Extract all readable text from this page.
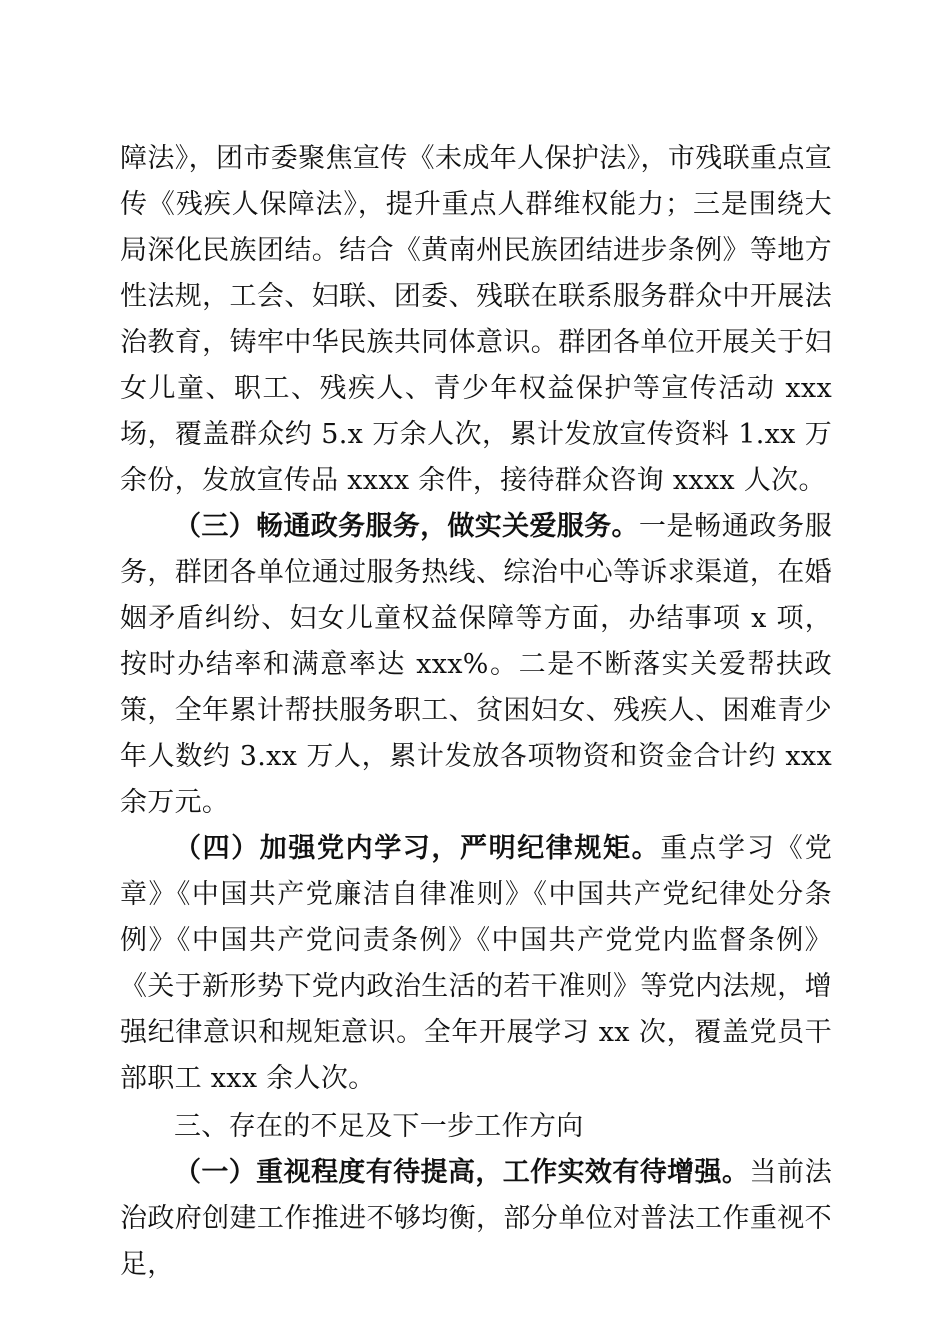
障法》，团市委聚焦宣传《未成年人保护法》，市残联重点宣传《残疾人保障法》，提升重点人群维权能力；三是围绕大局深化民族团结。结合《黄南州民族团结进步条例》等地方性法规，工会、妇联、团委、残联在联系服务群众中开展法治教育，铸牢中华民族共同体意识。群团各单位开展关于妇女儿童、职工、残疾人、青少年权益保护等宣传活动 xxx 场，覆盖群众约 5.x 万余人次，累计发放宣传资料 1.xx 万余份，发放宣传品 xxxx 余件，接待群众咨询 xxxx 人次。

（三）畅通政务服务，做实关爱服务。一是畅通政务服务，群团各单位通过服务热线、综治中心等诉求渠道，在婚姻矛盾纠纷、妇女儿童权益保障等方面，办结事项 x 项，按时办结率和满意率达 xxx%。二是不断落实关爱帮扶政策，全年累计帮扶服务职工、贫困妇女、残疾人、困难青少年人数约 3.xx 万人，累计发放各项物资和资金合计约 xxx 余万元。

（四）加强党内学习，严明纪律规矩。重点学习《党章》《中国共产党廉洁自律准则》《中国共产党纪律处分条例》《中国共产党问责条例》《中国共产党党内监督条例》《关于新形势下党内政治生活的若干准则》等党内法规，增强纪律意识和规矩意识。全年开展学习 xx 次，覆盖党员干部职工 xxx 余人次。

三、存在的不足及下一步工作方向

（一）重视程度有待提高，工作实效有待增强。当前法治政府创建工作推进不够均衡，部分单位对普法工作重视不足，
